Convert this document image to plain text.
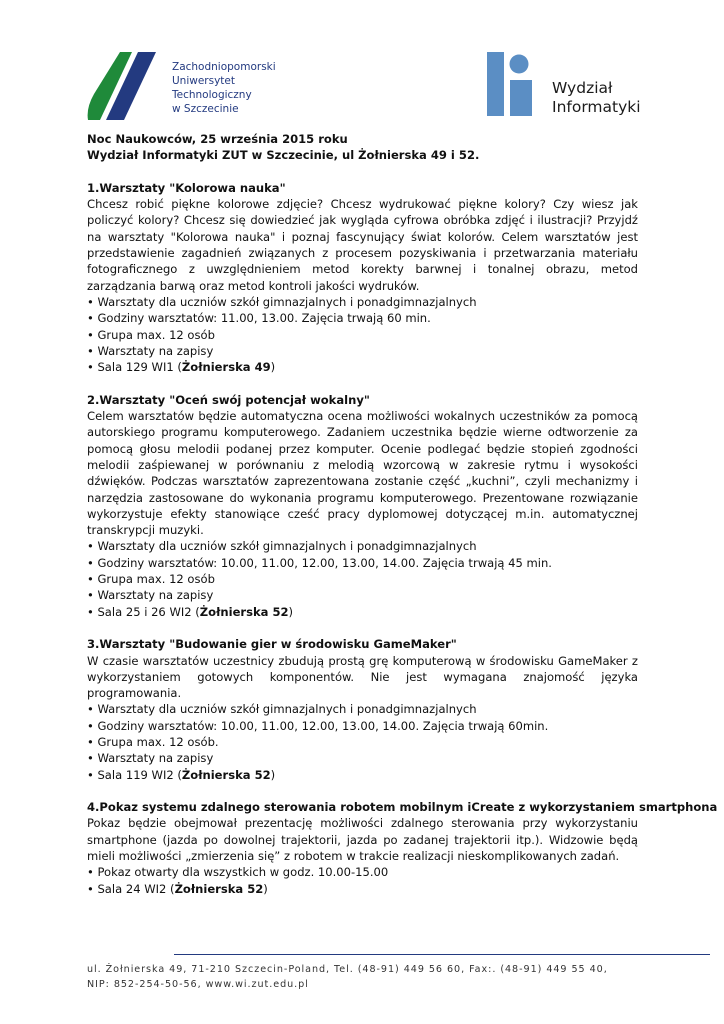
Zachodniopomorski
Uniwersytet
Technologiczny
w Szczecinie
Wydział
Informatyki

Noc Naukowców, 25 września 2015 roku

Wydział Informatyki ZUT w Szczecinie, ul Żołnierska 49 i 52.

1.Warsztaty "Kolorowa nauka"

Chcesz robić piękne kolorowe zdjęcie? Chcesz wydrukować piękne kolory? Czy wiesz jak policzyć kolory? Chcesz się dowiedzieć jak wygląda cyfrowa obróbka zdjęć i ilustracji? Przyjdź na warsztaty "Kolorowa nauka" i poznaj fascynujący świat kolorów. Celem warsztatów jest przedstawienie zagadnień związanych z procesem pozyskiwania i przetwarzania materiału fotograficznego z uwzględnieniem metod korekty barwnej i tonalnej obrazu, metod zarządzania barwą oraz metod kontroli jakości wydruków.

• Warsztaty dla uczniów szkół gimnazjalnych i ponadgimnazjalnych

• Godziny warsztatów: 11.00, 13.00. Zajęcia trwają 60 min.

• Grupa max. 12 osób

• Warsztaty na zapisy

• Sala 129 WI1 (Żołnierska 49)

2.Warsztaty "Oceń swój potencjał wokalny"

Celem warsztatów będzie automatyczna ocena możliwości wokalnych uczestników za pomocą autorskiego programu komputerowego. Zadaniem uczestnika będzie wierne odtworzenie za pomocą głosu melodii podanej przez komputer. Ocenie podlegać będzie stopień zgodności melodii zaśpiewanej w porównaniu z melodią wzorcową w zakresie rytmu i wysokości dźwięków. Podczas warsztatów zaprezentowana zostanie część „kuchni”, czyli mechanizmy i narzędzia zastosowane do wykonania programu komputerowego. Prezentowane rozwiązanie wykorzystuje efekty stanowiące cześć pracy dyplomowej dotyczącej m.in. automatycznej transkrypcji muzyki.

• Warsztaty dla uczniów szkół gimnazjalnych i ponadgimnazjalnych

• Godziny warsztatów: 10.00, 11.00, 12.00, 13.00, 14.00. Zajęcia trwają 45 min.

• Grupa max. 12 osób

• Warsztaty na zapisy

• Sala 25 i 26 WI2 (Żołnierska 52)

3.Warsztaty "Budowanie gier w środowisku GameMaker"

W czasie warsztatów uczestnicy zbudują prostą grę komputerową w środowisku GameMaker z wykorzystaniem gotowych komponentów. Nie jest wymagana znajomość języka programowania.

• Warsztaty dla uczniów szkół gimnazjalnych i ponadgimnazjalnych

• Godziny warsztatów: 10.00, 11.00, 12.00, 13.00, 14.00. Zajęcia trwają 60min.

• Grupa max. 12 osób.

• Warsztaty na zapisy

• Sala 119 WI2 (Żołnierska 52)

4.Pokaz systemu zdalnego sterowania robotem mobilnym iCreate z wykorzystaniem smartphona

Pokaz będzie obejmował prezentację możliwości zdalnego sterowania przy wykorzystaniu smartphone (jazda po dowolnej trajektorii, jazda po zadanej trajektorii itp.). Widzowie będą mieli możliwości „zmierzenia się” z robotem w trakcie realizacji nieskomplikowanych zadań.

• Pokaz otwarty dla wszystkich w godz. 10.00-15.00

• Sala 24 WI2 (Żołnierska 52)

ul. Żołnierska 49, 71-210 Szczecin-Poland, Tel. (48-91) 449 56 60, Fax:. (48-91) 449 55 40,
NIP: 852-254-50-56, www.wi.zut.edu.pl
